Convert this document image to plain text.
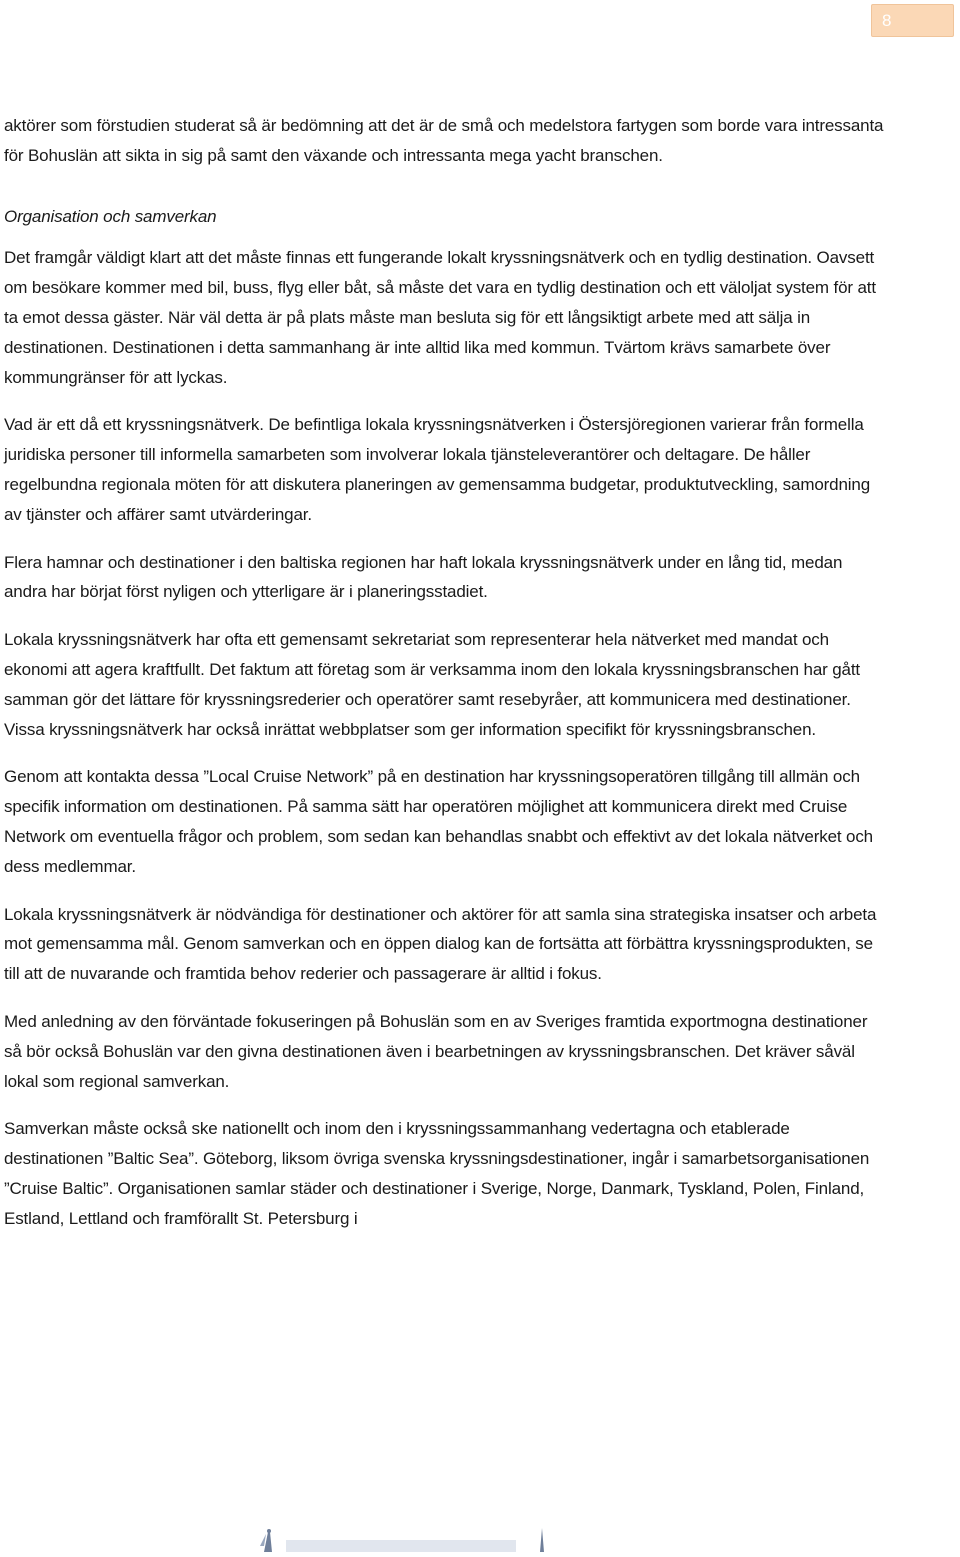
8

aktörer som förstudien studerat så är bedömning att det är de små och medelstora fartygen som borde vara intressanta för Bohuslän att sikta in sig på samt den växande och intressanta mega yacht branschen.

Organisation och samverkan

Det framgår väldigt klart att det måste finnas ett fungerande lokalt kryssningsnätverk och en tydlig destination. Oavsett om besökare kommer med bil, buss, flyg eller båt, så måste det vara en tydlig destination och ett väloljat system för att ta emot dessa gäster. När väl detta är på plats måste man besluta sig för ett långsiktigt arbete med att sälja in destinationen. Destinationen i detta sammanhang är inte alltid lika med kommun. Tvärtom krävs samarbete över kommungränser för att lyckas.

Vad är ett då ett kryssningsnätverk. De befintliga lokala kryssningsnätverken i Östersjöregionen varierar från formella juridiska personer till informella samarbeten som involverar lokala tjänsteleverantörer och deltagare. De håller regelbundna regionala möten för att diskutera planeringen av gemensamma budgetar, produktutveckling, samordning av tjänster och affärer samt utvärderingar.

Flera hamnar och destinationer i den baltiska regionen har haft lokala kryssningsnätverk under en lång tid, medan andra har börjat först nyligen och ytterligare är i planeringsstadiet.

Lokala kryssningsnätverk har ofta ett gemensamt sekretariat som representerar hela nätverket med mandat och ekonomi att agera kraftfullt. Det faktum att företag som är verksamma inom den lokala kryssningsbranschen har gått samman gör det lättare för kryssningsrederier och operatörer samt resebyråer, att kommunicera med destinationer. Vissa kryssningsnätverk har också inrättat webbplatser som ger information specifikt för kryssningsbranschen.

Genom att kontakta dessa ”Local Cruise Network” på en destination har kryssningsoperatören tillgång till allmän och specifik information om destinationen. På samma sätt har operatören möjlighet att kommunicera direkt med Cruise Network om eventuella frågor och problem, som sedan kan behandlas snabbt och effektivt av det lokala nätverket och dess medlemmar.

Lokala kryssningsnätverk är nödvändiga för destinationer och aktörer för att samla sina strategiska insatser och arbeta mot gemensamma mål. Genom samverkan och en öppen dialog kan de fortsätta att förbättra kryssningsprodukten, se till att de nuvarande och framtida behov rederier och passagerare är alltid i fokus.

Med anledning av den förväntade fokuseringen på Bohuslän som en av Sveriges framtida exportmogna destinationer så bör också Bohuslän var den givna destinationen även i bearbetningen av kryssningsbranschen. Det kräver såväl lokal som regional samverkan.

Samverkan måste också ske nationellt och inom den i kryssningssammanhang vedertagna och etablerade destinationen ”Baltic Sea”. Göteborg, liksom övriga svenska kryssningsdestinationer, ingår i samarbetsorganisationen ”Cruise Baltic”. Organisationen samlar städer och destinationer i Sverige, Norge, Danmark, Tyskland, Polen, Finland, Estland, Lettland och framförallt St. Petersburg i
